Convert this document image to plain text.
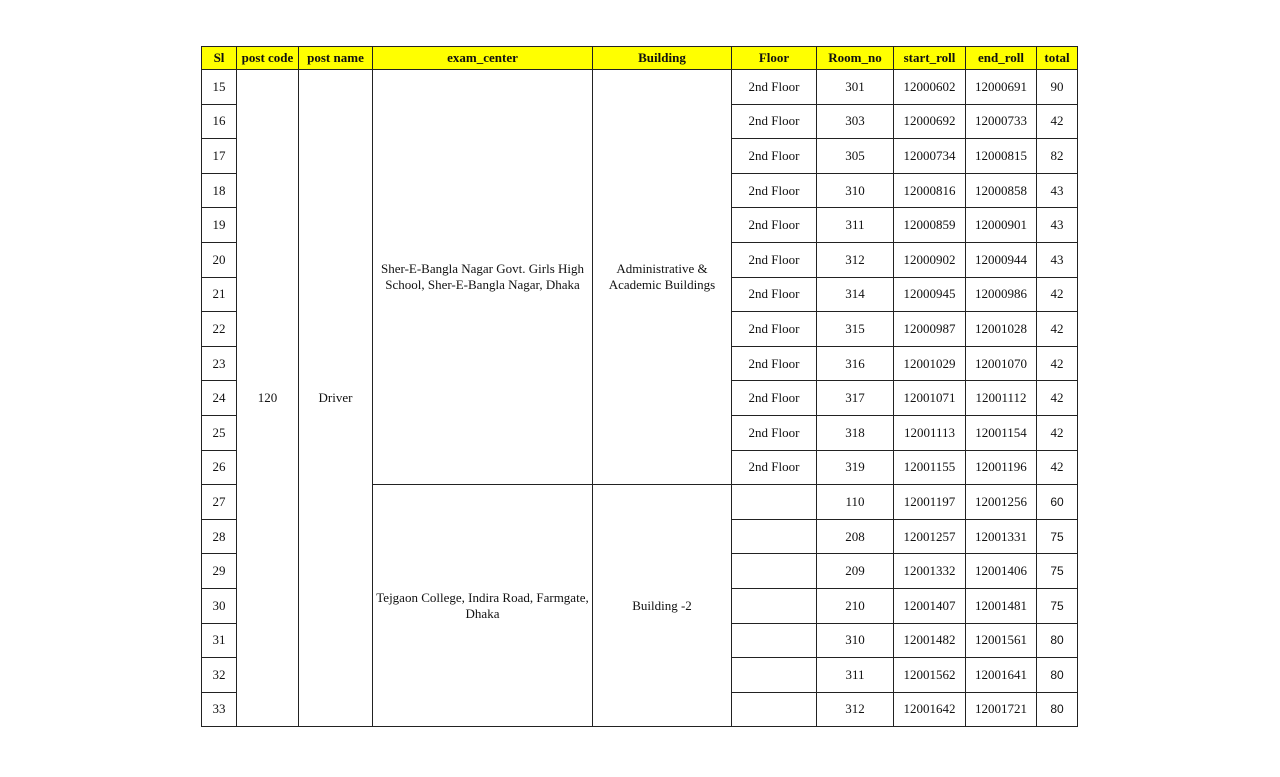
Sl	post code	post name	exam_center	Building	Floor	Room_no	start_roll	end_roll	total
15	120	Driver	Sher-E-Bangla Nagar Govt. Girls High School, Sher-E-Bangla Nagar, Dhaka	Administrative & Academic Buildings	2nd Floor	301	12000602	12000691	90
16					2nd Floor	303	12000692	12000733	42
17					2nd Floor	305	12000734	12000815	82
18					2nd Floor	310	12000816	12000858	43
19					2nd Floor	311	12000859	12000901	43
20					2nd Floor	312	12000902	12000944	43
21					2nd Floor	314	12000945	12000986	42
22					2nd Floor	315	12000987	12001028	42
23					2nd Floor	316	12001029	12001070	42
24					2nd Floor	317	12001071	12001112	42
25					2nd Floor	318	12001113	12001154	42
26					2nd Floor	319	12001155	12001196	42
27			Tejgaon College, Indira Road, Farmgate, Dhaka	Building -2		110	12001197	12001256	60
28						208	12001257	12001331	75
29						209	12001332	12001406	75
30						210	12001407	12001481	75
31						310	12001482	12001561	80
32						311	12001562	12001641	80
33						312	12001642	12001721	80
